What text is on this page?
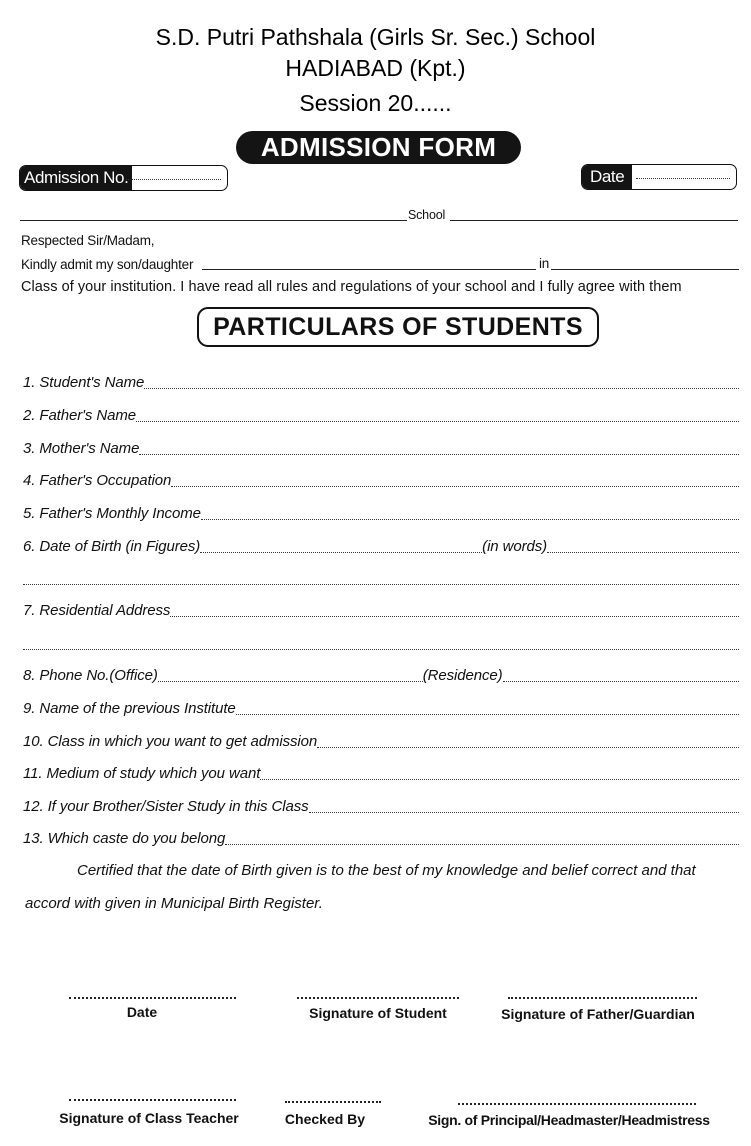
S.D. Putri Pathshala (Girls Sr. Sec.) School
HADIABAD (Kpt.)
Session 20......
ADMISSION FORM
Admission No.	Date
School
Respected Sir/Madam,
Kindly admit my son/daughter	in
Class of your institution. I have read all rules and regulations of your school and I fully agree with them
PARTICULARS OF STUDENTS
1. Student's Name
2. Father's Name
3. Mother's Name
4. Father's Occupation
5. Father's Monthly Income
6. Date of Birth (in Figures)	(in words)
7. Residential Address
8. Phone No.(Office)	(Residence)
9. Name of the previous Institute
10. Class in which you want to get admission
11. Medium of study which you want
12. If your Brother/Sister Study in this Class
13. Which caste do you belong
Certified that the date of Birth given is to the best of my knowledge and belief correct and that
accord with given in Municipal Birth Register.
Date	Signature of Student	Signature of Father/Guardian
Signature of Class Teacher	Checked By	Sign. of Principal/Headmaster/Headmistress
